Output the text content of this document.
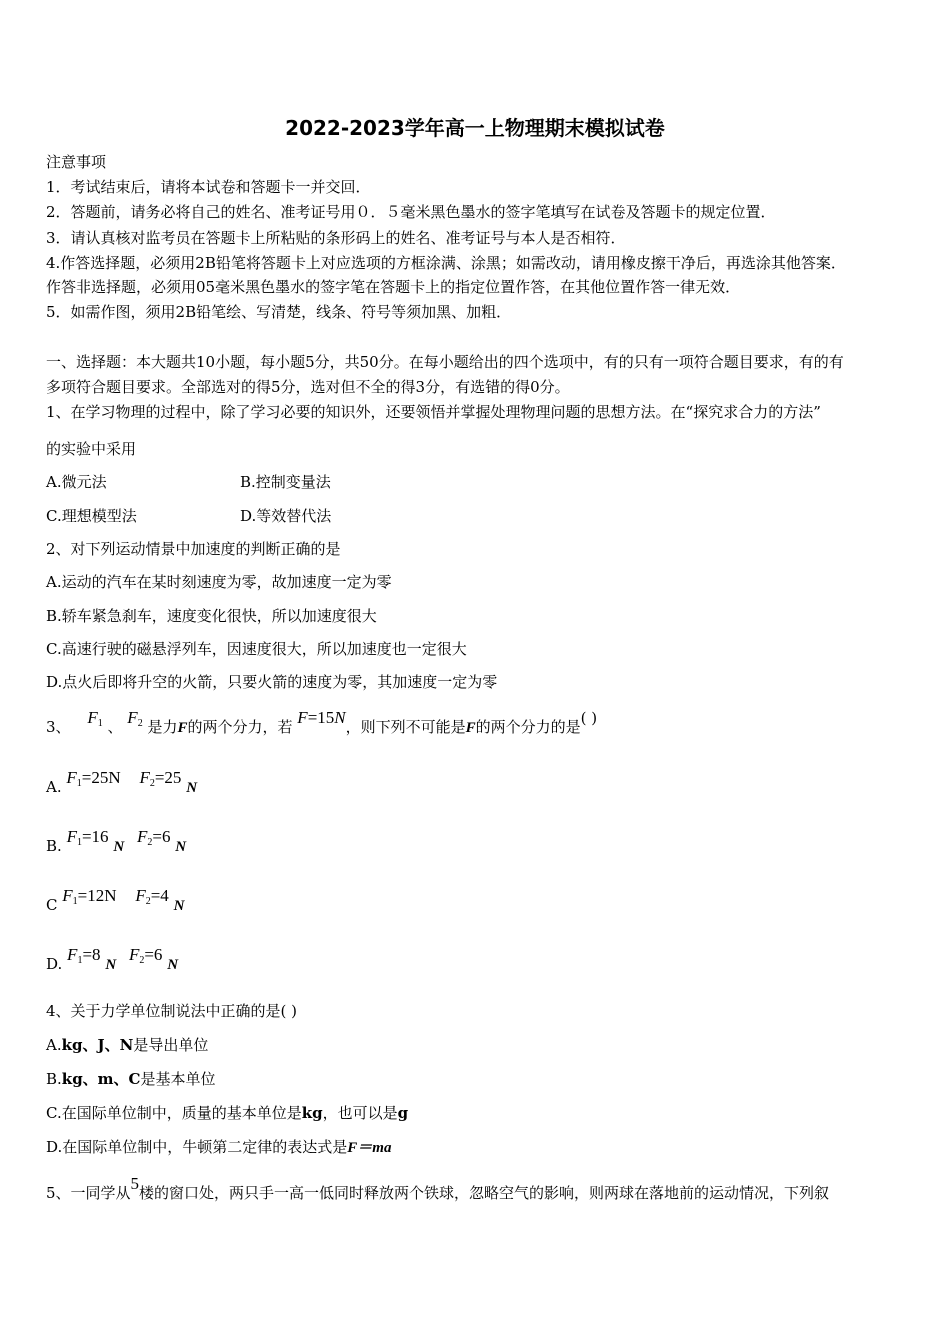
2022-2023学年高一上物理期末模拟试卷
注意事项
1．考试结束后，请将本试卷和答题卡一并交回．
2．答题前，请务必将自己的姓名、准考证号用０．５毫米黑色墨水的签字笔填写在试卷及答题卡的规定位置．
3．请认真核对监考员在答题卡上所粘贴的条形码上的姓名、准考证号与本人是否相符．
4.作答选择题，必须用2B铅笔将答题卡上对应选项的方框涂满、涂黑；如需改动，请用橡皮擦干净后，再选涂其他答案．
作答非选择题，必须用05毫米黑色墨水的签字笔在答题卡上的指定位置作答，在其他位置作答一律无效．
5．如需作图，须用2B铅笔绘、写清楚，线条、符号等须加黑、加粗．
一、选择题：本大题共10小题，每小题5分，共50分。在每小题给出的四个选项中，有的只有一项符合题目要求，有的有
多项符合题目要求。全部选对的得5分，选对但不全的得3分，有选错的得0分。
1、在学习物理的过程中，除了学习必要的知识外，还要领悟并掌握处理物理问题的思想方法。在“探究求合力的方法”
的实验中采用
A.微元法	B.控制变量法
C.理想模型法	D.等效替代法
2、对下列运动情景中加速度的判断正确的是
A.运动的汽车在某时刻速度为零，故加速度一定为零
B.轿车紧急刹车，速度变化很快，所以加速度很大
C.高速行驶的磁悬浮列车，因速度很大，所以加速度也一定很大
D.点火后即将升空的火箭，只要火箭的速度为零，其加速度一定为零
3、 $F_1$ 、 $F_2$ 是力F的两个分力，若 F=15N，则下列不可能是F的两个分力的是( )
A. $F_1=25N$ $F_2=25$ N
B. $F_1=16$ N $F_2=6$ N
C $F_1=12N$ $F_2=4$ N
D. $F_1=8$ N $F_2=6$ N
4、关于力学单位制说法中正确的是( )
A.kg、J、N是导出单位
B.kg、m、C是基本单位
C.在国际单位制中，质量的基本单位是kg，也可以是g
D.在国际单位制中，牛顿第二定律的表达式是F＝ma
5、一同学从5楼的窗口处，两只手一高一低同时释放两个铁球，忽略空气的影响，则两球在落地前的运动情况，下列叙
